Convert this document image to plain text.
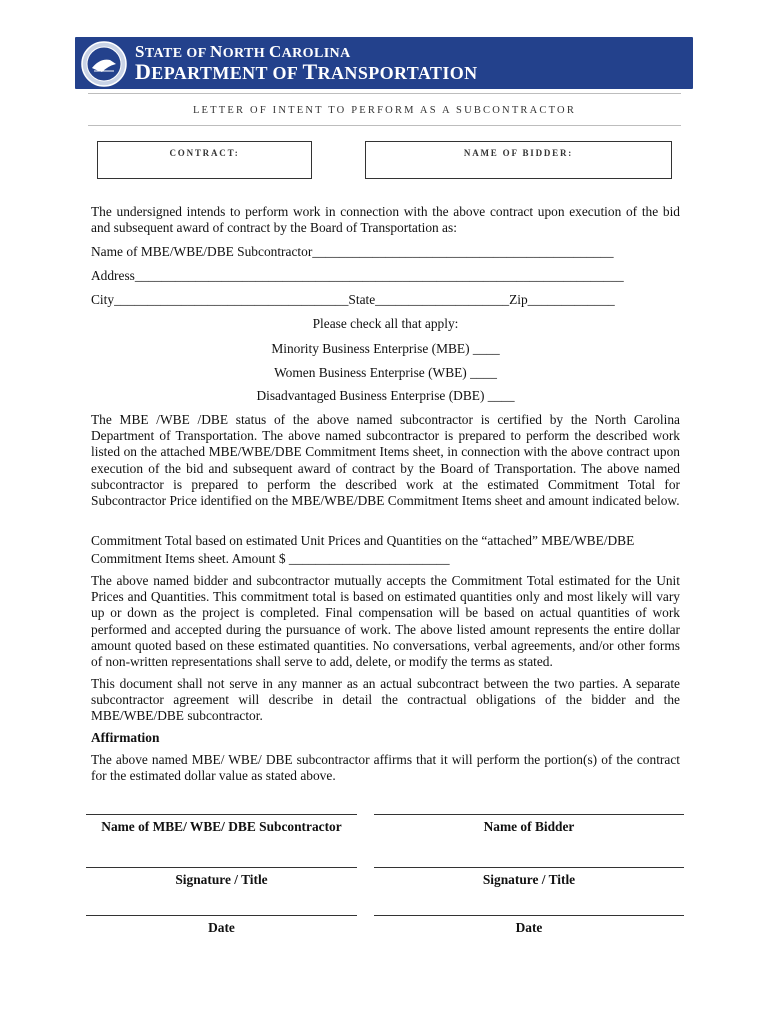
STATE OF NORTH CAROLINA
DEPARTMENT OF TRANSPORTATION
LETTER OF INTENT TO PERFORM AS A SUBCONTRACTOR
CONTRACT:	NAME OF BIDDER:
The undersigned intends to perform work in connection with the above contract upon execution of the bid and subsequent award of contract by the Board of Transportation as:
Name of MBE/WBE/DBE Subcontractor_____________________________________________
Address_________________________________________________________________________
City___________________________________State____________________Zip_____________
Please check all that apply:
Minority Business Enterprise (MBE) ____
Women Business Enterprise (WBE) ____
Disadvantaged Business Enterprise (DBE) ____
The MBE /WBE /DBE status of the above named subcontractor is certified by the North Carolina Department of Transportation. The above named subcontractor is prepared to perform the described work listed on the attached MBE/WBE/DBE Commitment Items sheet, in connection with the above contract upon execution of the bid and subsequent award of contract by the Board of Transportation. The above named subcontractor is prepared to perform the described work at the estimated Commitment Total for Subcontractor Price identified on the MBE/WBE/DBE Commitment Items sheet and amount indicated below.
Commitment Total based on estimated Unit Prices and Quantities on the “attached” MBE/WBE/DBE
Commitment Items sheet. Amount $ ________________________
The above named bidder and subcontractor mutually accepts the Commitment Total estimated for the Unit Prices and Quantities. This commitment total is based on estimated quantities only and most likely will vary up or down as the project is completed. Final compensation will be based on actual quantities of work performed and accepted during the pursuance of work. The above listed amount represents the entire dollar amount quoted based on these estimated quantities. No conversations, verbal agreements, and/or other forms of non-written representations shall serve to add, delete, or modify the terms as stated.
This document shall not serve in any manner as an actual subcontract between the two parties. A separate subcontractor agreement will describe in detail the contractual obligations of the bidder and the MBE/WBE/DBE subcontractor.
Affirmation
The above named MBE/ WBE/ DBE subcontractor affirms that it will perform the portion(s) of the contract for the estimated dollar value as stated above.
Name of MBE/ WBE/ DBE Subcontractor	Name of Bidder
Signature / Title	Signature / Title
Date	Date
